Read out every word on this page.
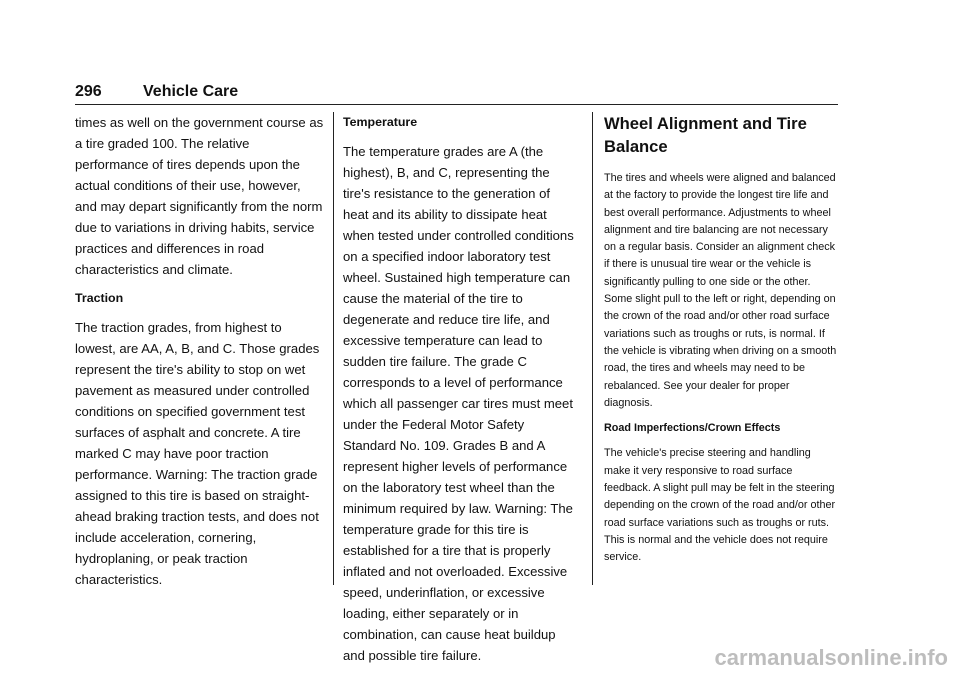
296	Vehicle Care

times as well on the government course as a tire graded 100. The relative performance of tires depends upon the actual conditions of their use, however, and may depart significantly from the norm due to variations in driving habits, service practices and differences in road characteristics and climate.

Traction

The traction grades, from highest to lowest, are AA, A, B, and C. Those grades represent the tire's ability to stop on wet pavement as measured under controlled conditions on specified government test surfaces of asphalt and concrete. A tire marked C may have poor traction performance. Warning: The traction grade assigned to this tire is based on straight-ahead braking traction tests, and does not include acceleration, cornering, hydroplaning, or peak traction characteristics.

Temperature

The temperature grades are A (the highest), B, and C, representing the tire's resistance to the generation of heat and its ability to dissipate heat when tested under controlled conditions on a specified indoor laboratory test wheel. Sustained high temperature can cause the material of the tire to degenerate and reduce tire life, and excessive temperature can lead to sudden tire failure. The grade C corresponds to a level of performance which all passenger car tires must meet under the Federal Motor Safety Standard No. 109. Grades B and A represent higher levels of performance on the laboratory test wheel than the minimum required by law. Warning: The temperature grade for this tire is established for a tire that is properly inflated and not overloaded. Excessive speed, underinflation, or excessive loading, either separately or in combination, can cause heat buildup and possible tire failure.

Wheel Alignment and Tire Balance

The tires and wheels were aligned and balanced at the factory to provide the longest tire life and best overall performance. Adjustments to wheel alignment and tire balancing are not necessary on a regular basis. Consider an alignment check if there is unusual tire wear or the vehicle is significantly pulling to one side or the other. Some slight pull to the left or right, depending on the crown of the road and/or other road surface variations such as troughs or ruts, is normal. If the vehicle is vibrating when driving on a smooth road, the tires and wheels may need to be rebalanced. See your dealer for proper diagnosis.

Road Imperfections/Crown Effects

The vehicle's precise steering and handling make it very responsive to road surface feedback. A slight pull may be felt in the steering depending on the crown of the road and/or other road surface variations such as troughs or ruts. This is normal and the vehicle does not require service.

carmanualsonline.info
